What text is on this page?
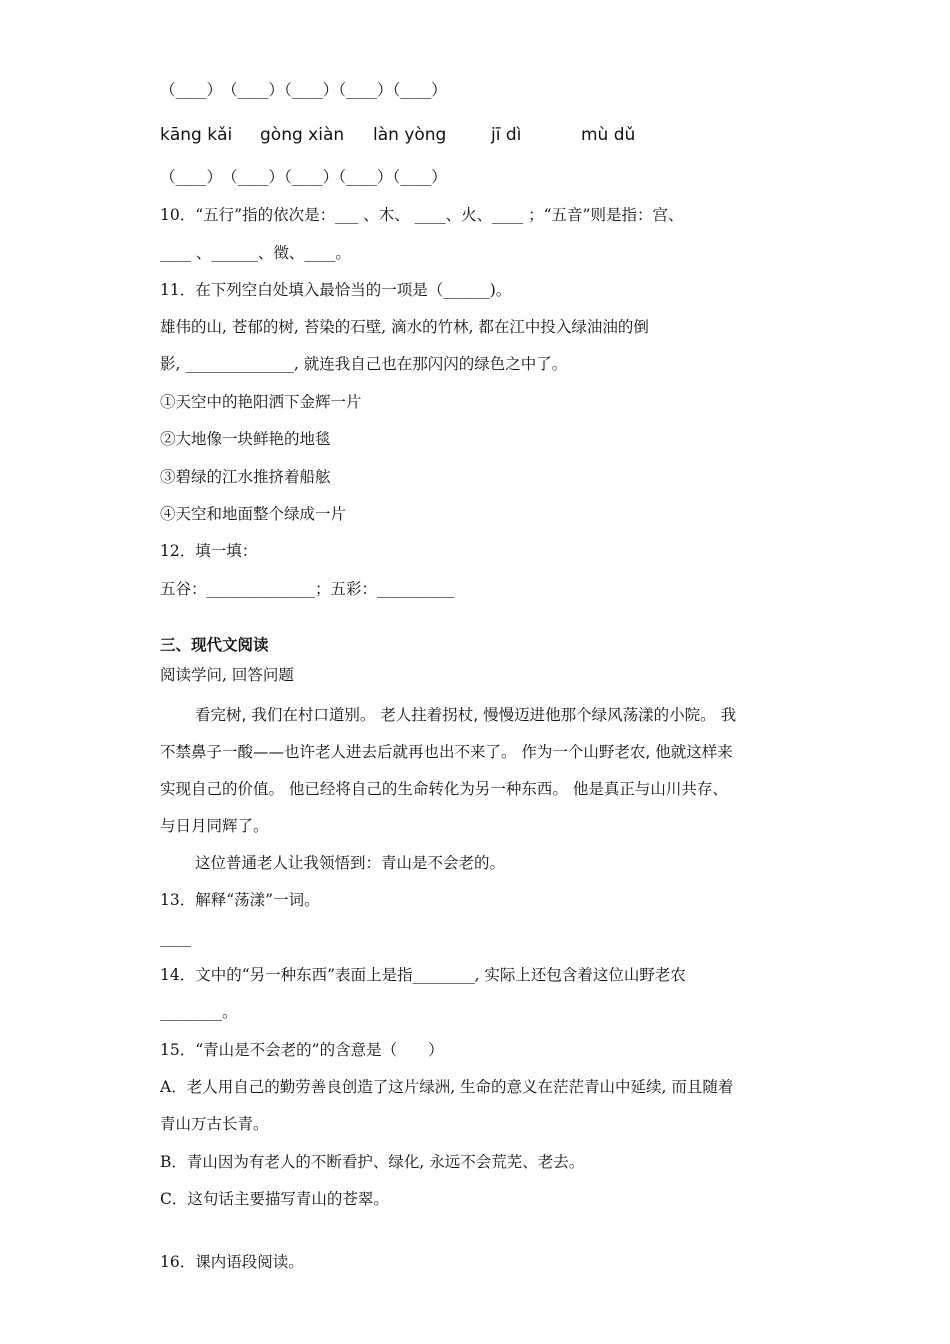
（____）　（____）（____）（____）（____）
kāng kǎi gòng xiàn làn yòng	jī dì	mù dǔ
（____）　（____）（____）（____）（____）
10．“五行”指的依次是：___ 、木、 ____、火、____ ；“五音”则是指：宫、
____ 、______、徵、____。
11．在下列空白处填入最恰当的一项是（______)。
雄伟的山, 苍郁的树, 苔染的石壁, 滴水的竹林, 都在江中投入绿油油的倒
影, ______________, 就连我自己也在那闪闪的绿色之中了。
①天空中的艳阳洒下金辉一片
②大地像一块鲜艳的地毯
③碧绿的江水推挤着船舷
④天空和地面整个绿成一片
12．填一填：
五谷：______________；五彩：__________
三、现代文阅读
阅读学问, 回答问题
看完树, 我们在村口道别。 老人拄着拐杖, 慢慢迈进他那个绿风荡漾的小院。 我
不禁鼻子一酸——也许老人进去后就再也出不来了。 作为一个山野老农, 他就这样来
实现自己的价值。 他已经将自己的生命转化为另一种东西。 他是真正与山川共存、
与日月同辉了。
这位普通老人让我领悟到：青山是不会老的。
13．解释“荡漾”一词。
____
14．文中的“另一种东西”表面上是指________, 实际上还包含着这位山野老农
________。
15．“青山是不会老的”的含意是（　　）
A．老人用自己的勤劳善良创造了这片绿洲, 生命的意义在茫茫青山中延续, 而且随着
青山万古长青。
B．青山因为有老人的不断看护、绿化, 永远不会荒芜、老去。
C．这句话主要描写青山的苍翠。
16．课内语段阅读。
